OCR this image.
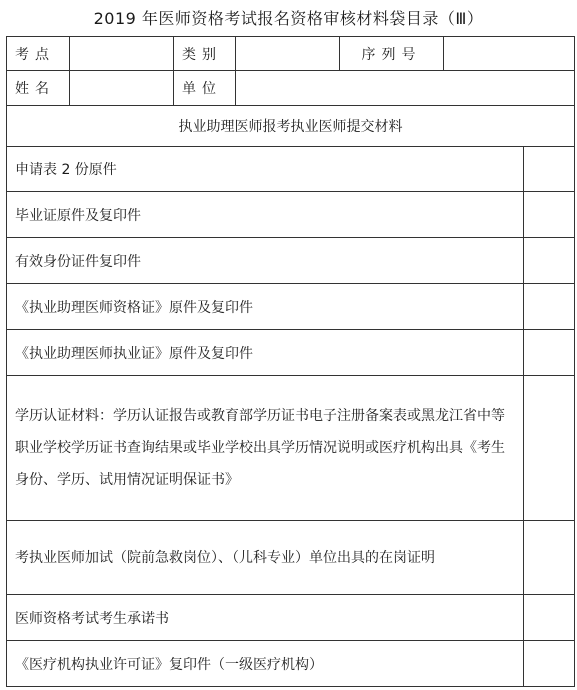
2019 年医师资格考试报名资格审核材料袋目录（Ⅲ）
考点		类别		序列号		
姓名		单位				
执业助理医师报考执业医师提交材料						
申请表 2 份原件						
毕业证原件及复印件						
有效身份证件复印件						
《执业助理医师资格证》原件及复印件						
《执业助理医师执业证》原件及复印件						
学历认证材料：学历认证报告或教育部学历证书电子注册备案表或黑龙江省中等职业学校学历证书查询结果或毕业学校出具学历情况说明或医疗机构出具《考生身份、学历、试用情况证明保证书》						
考执业医师加试（院前急救岗位）、（儿科专业）单位出具的在岗证明						
医师资格考试考生承诺书						
《医疗机构执业许可证》复印件（一级医疗机构）						
